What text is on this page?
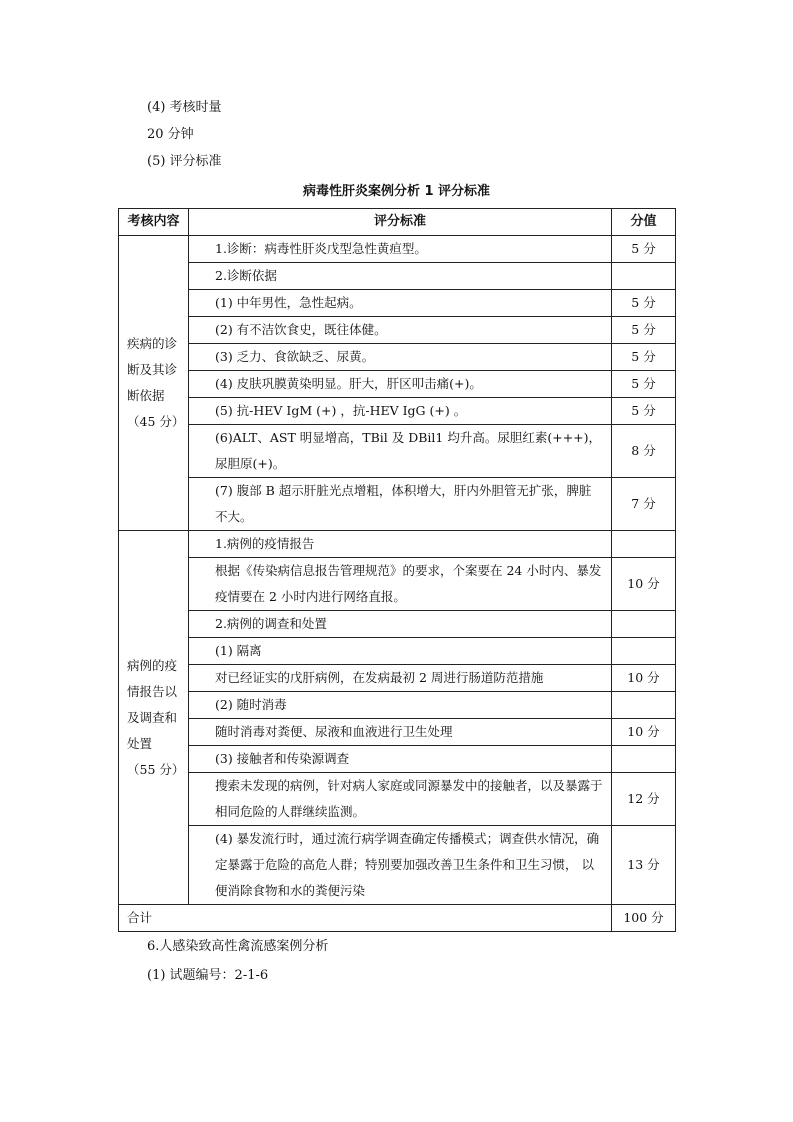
(4) 考核时量
20 分钟
(5) 评分标准
病毒性肝炎案例分析 1 评分标准
考核内容	评分标准	分值
疾病的诊断及其诊断依据（45 分）	1.诊断：病毒性肝炎戊型急性黄疸型。	5 分
	2.诊断依据	
	(1) 中年男性，急性起病。	5 分
	(2) 有不洁饮食史，既往体健。	5 分
	(3) 乏力、食欲缺乏、尿黄。	5 分
	(4) 皮肤巩膜黄染明显。肝大，肝区叩击痛(+)。	5 分
	(5) 抗-HEV IgM (+) ，抗-HEV IgG (+) 。	5 分
	(6)ALT、AST 明显增高，TBil 及 DBil1 均升高。尿胆红素(+++)，尿胆原(+)。	8 分
	(7) 腹部 B 超示肝脏光点增粗，体积增大，肝内外胆管无扩张，脾脏不大。	7 分
病例的疫情报告以及调查和处置（55 分）	1.病例的疫情报告	
	根据《传染病信息报告管理规范》的要求，个案要在 24 小时内、暴发疫情要在 2 小时内进行网络直报。	10 分
	2.病例的调查和处置	
	(1) 隔离	
	对已经证实的戊肝病例，在发病最初 2 周进行肠道防范措施	10 分
	(2) 随时消毒	
	随时消毒对粪便、尿液和血液进行卫生处理	10 分
	(3) 接触者和传染源调查	
	搜索未发现的病例，针对病人家庭或同源暴发中的接触者，以及暴露于相同危险的人群继续监测。	12 分
	(4) 暴发流行时，通过流行病学调查确定传播模式；调查供水情况，确定暴露于危险的高危人群；特别要加强改善卫生条件和卫生习惯， 以便消除食物和水的粪便污染	13 分
合计		100 分
6.人感染致高性禽流感案例分析
(1) 试题编号：2-1-6
